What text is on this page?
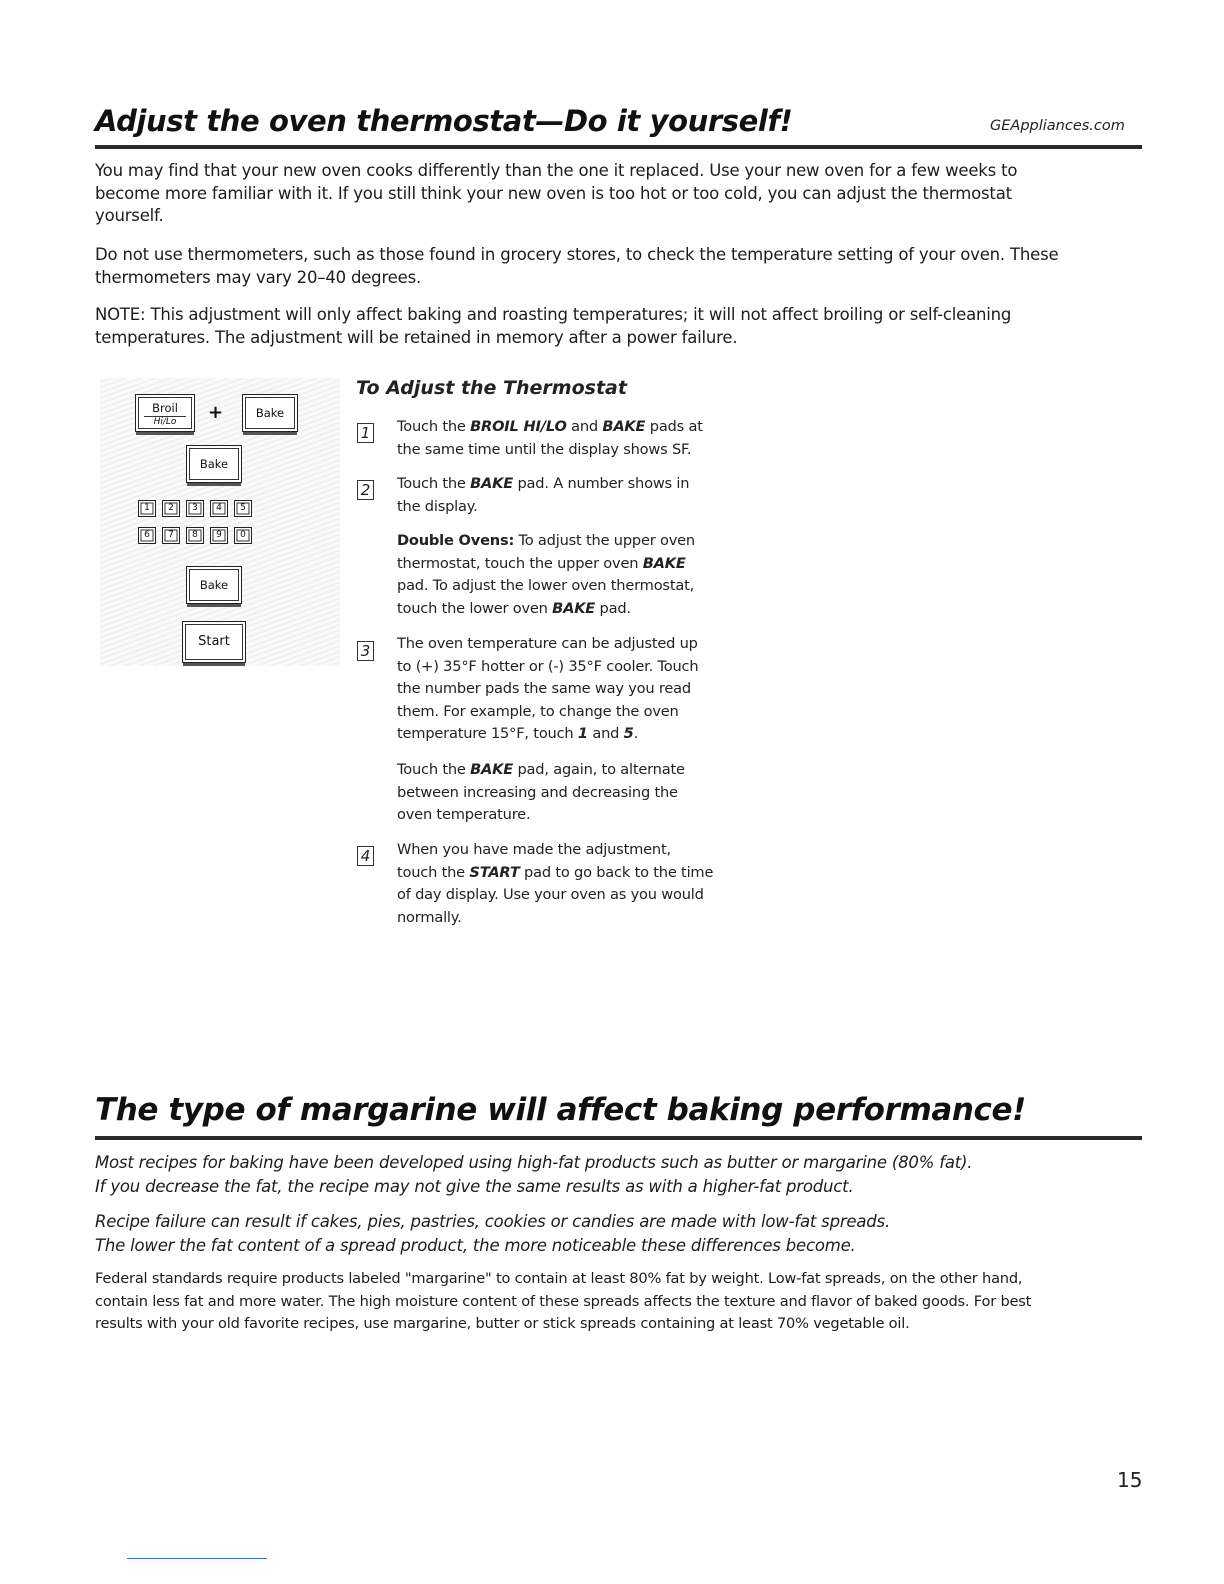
Adjust the oven thermostat—Do it yourself!	GEAppliances.com
You may find that your new oven cooks differently than the one it replaced. Use your new oven for a few weeks to
become more familiar with it. If you still think your new oven is too hot or too cold, you can adjust the thermostat
yourself.
Do not use thermometers, such as those found in grocery stores, to check the temperature setting of your oven. These
thermometers may vary 20–40 degrees.
NOTE: This adjustment will only affect baking and roasting temperatures; it will not affect broiling or self-cleaning
temperatures. The adjustment will be retained in memory after a power failure.
Broil
Hi/Lo	+	Bake
Bake
1	2	3	4	5
6	7	8	9	0
Bake
Start
To Adjust the Thermostat
1 Touch the BROIL HI/LO and BAKE pads at
the same time until the display shows SF.
2 Touch the BAKE pad. A number shows in
the display.
Double Ovens: To adjust the upper oven
thermostat, touch the upper oven BAKE
pad. To adjust the lower oven thermostat,
touch the lower oven BAKE pad.
3 The oven temperature can be adjusted up
to (+) 35°F hotter or (-) 35°F cooler. Touch
the number pads the same way you read
them. For example, to change the oven
temperature 15°F, touch 1 and 5.
Touch the BAKE pad, again, to alternate
between increasing and decreasing the
oven temperature.
4 When you have made the adjustment,
touch the START pad to go back to the time
of day display. Use your oven as you would
normally.
The type of margarine will affect baking performance!
Most recipes for baking have been developed using high-fat products such as butter or margarine (80% fat).
If you decrease the fat, the recipe may not give the same results as with a higher-fat product.
Recipe failure can result if cakes, pies, pastries, cookies or candies are made with low-fat spreads.
The lower the fat content of a spread product, the more noticeable these differences become.
Federal standards require products labeled "margarine" to contain at least 80% fat by weight. Low-fat spreads, on the other hand,
contain less fat and more water. The high moisture content of these spreads affects the texture and flavor of baked goods. For best
results with your old favorite recipes, use margarine, butter or stick spreads containing at least 70% vegetable oil.
15
